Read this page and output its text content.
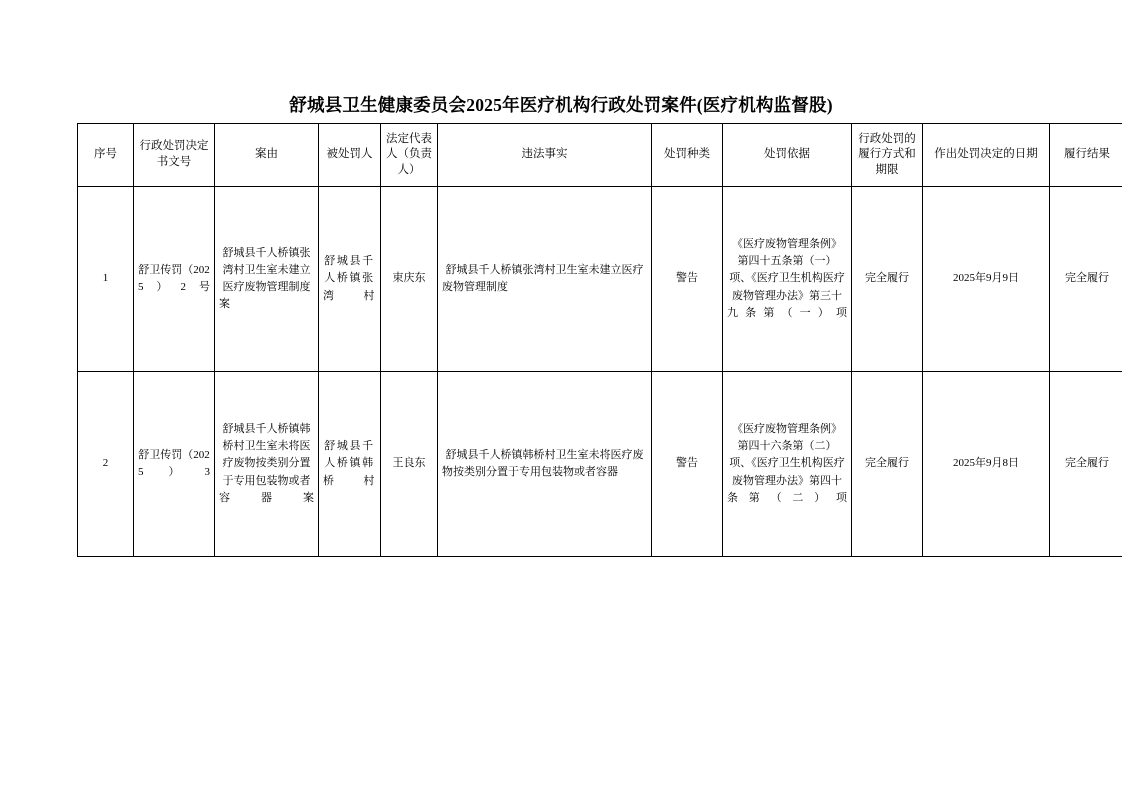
舒城县卫生健康委员会2025年医疗机构行政处罚案件(医疗机构监督股)
序号	行政处罚决定书文号	案由	被处罚人	法定代表人（负责人）	违法事实	处罚种类	处罚依据	行政处罚的履行方式和期限	作出处罚决定的日期	履行结果
1	舒卫传罚（2025）2号	舒城县千人桥镇张湾村卫生室未建立医疗废物管理制度案	舒城县千人桥镇张湾村	束庆东	舒城县千人桥镇张湾村卫生室未建立医疗废物管理制度	警告	《医疗废物管理条例》第四十五条第（一）项、《医疗卫生机构医疗废物管理办法》第三十九条第（一）项	完全履行	2025年9月9日	完全履行
2	舒卫传罚（2025）3	舒城县千人桥镇韩桥村卫生室未将医疗废物按类别分置于专用包装物或者容器案	舒城县千人桥镇韩桥村	王良东	舒城县千人桥镇韩桥村卫生室未将医疗废物按类别分置于专用包装物或者容器	警告	《医疗废物管理条例》第四十六条第（二）项、《医疗卫生机构医疗废物管理办法》第四十条第（二）项	完全履行	2025年9月8日	完全履行
